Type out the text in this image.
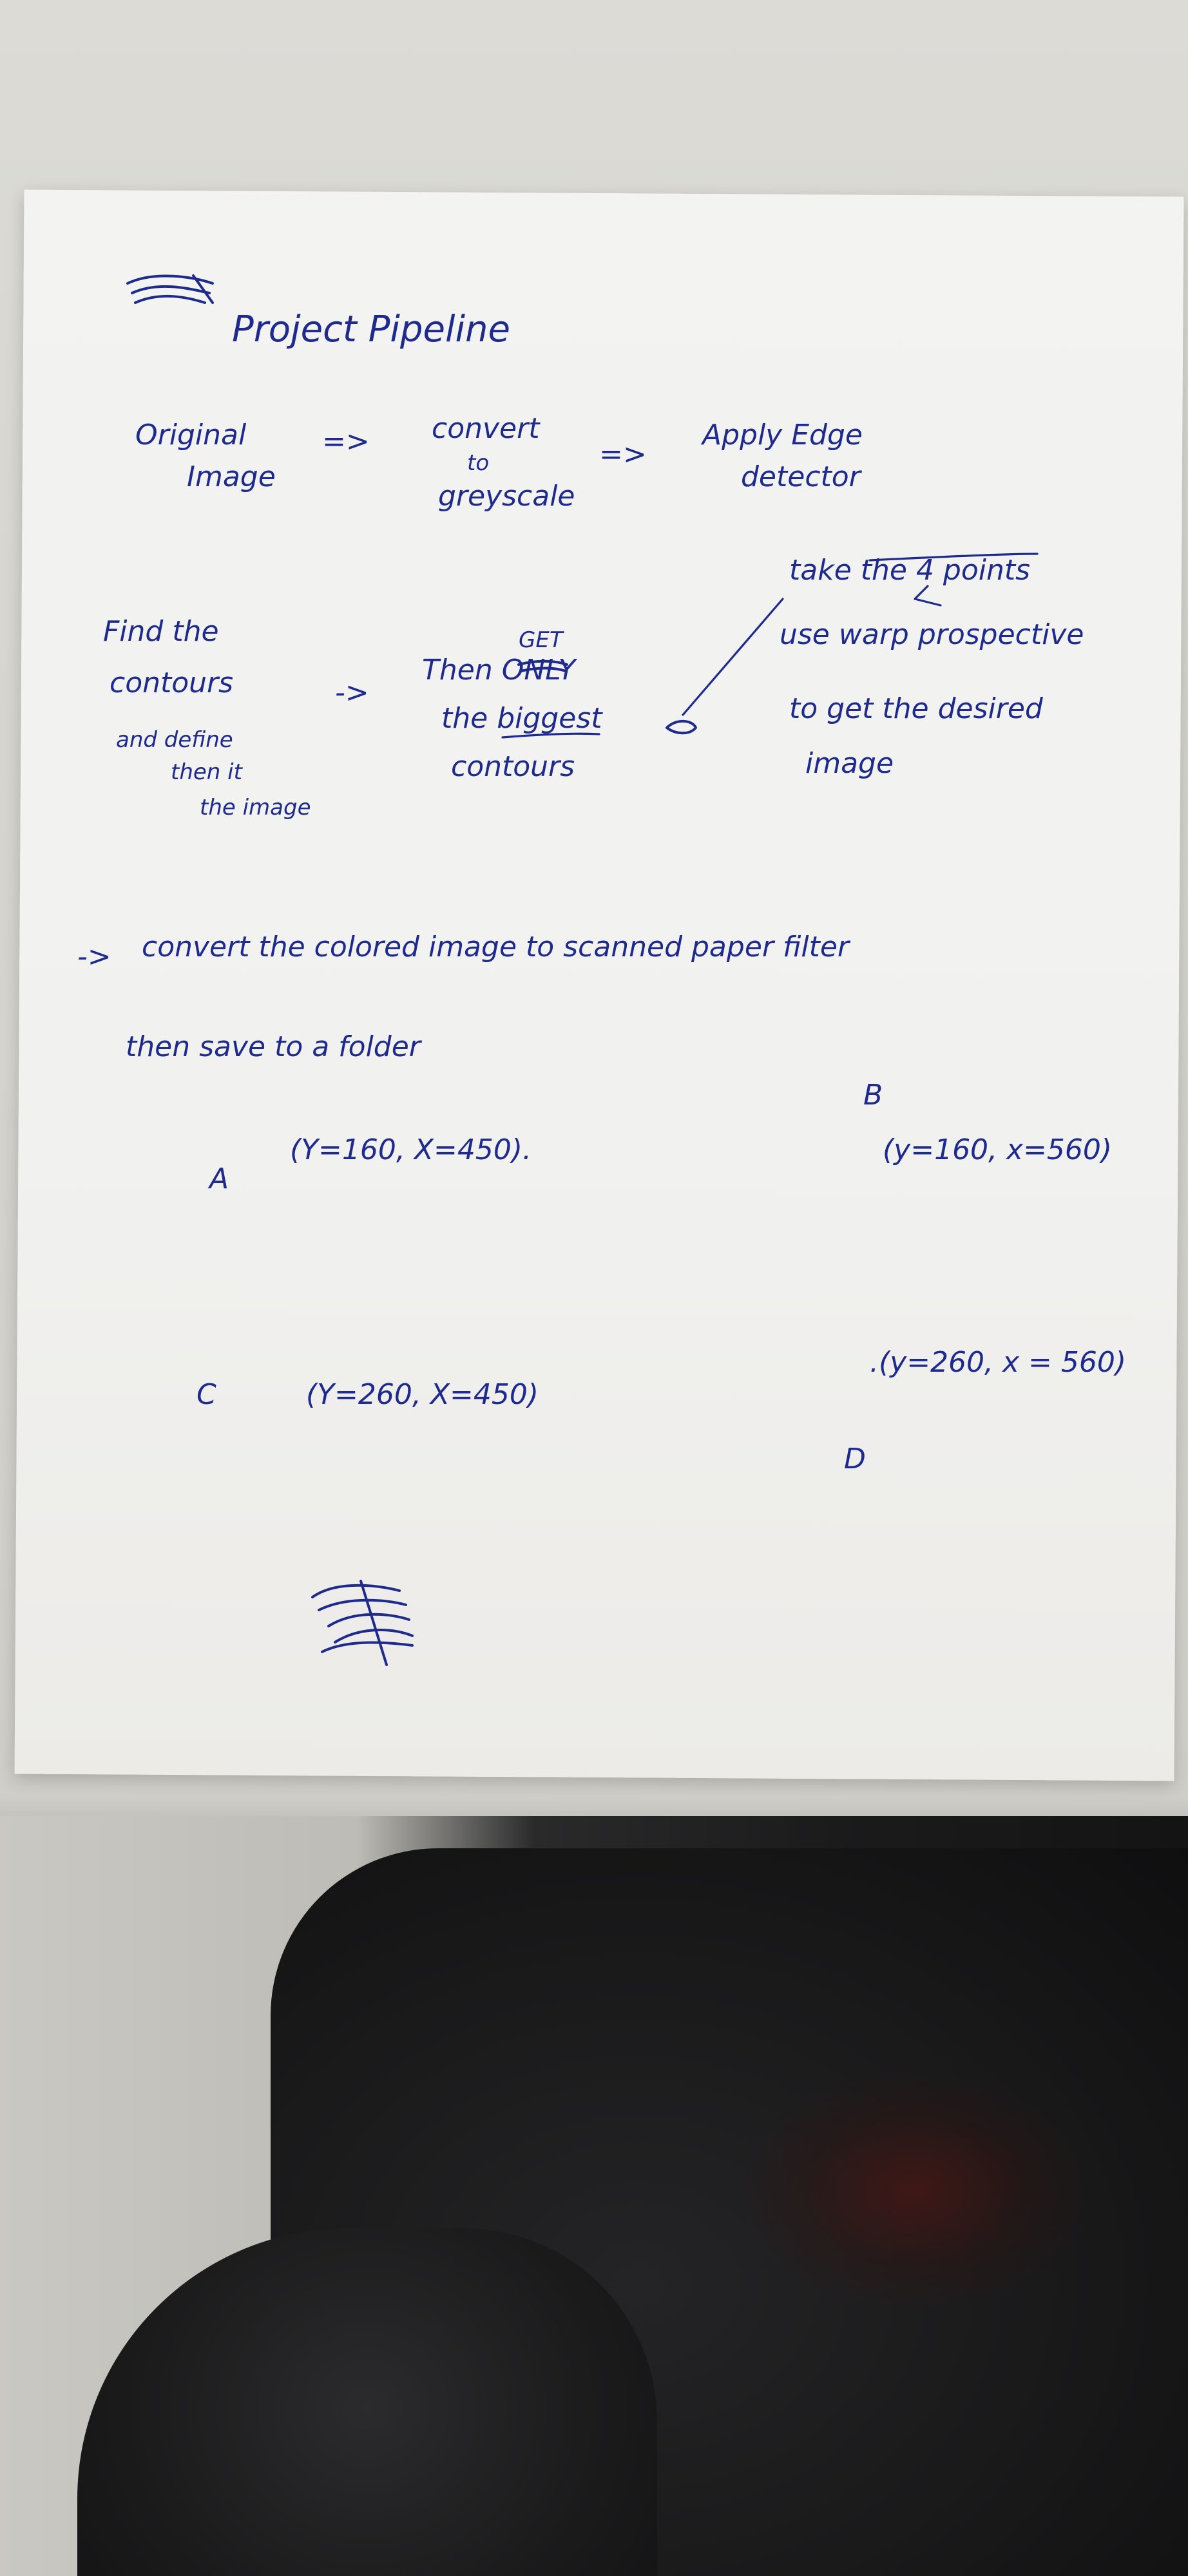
Project Pipeline
Original
Image
=> convert
to
greyscale
=>
Apply Edge
detector
take the 4 points
Find the
contours
and define
then it
the image
->
GET
Then ONLY
the biggest
contours
use warp prospective
to get the desired
image
-> convert the colored image to scanned paper filter
then save to a folder
A
(Y=160, X=450).
B
(y=160, x=560)
C	(Y=260, X=450)
.(y=260, x = 560)
D
